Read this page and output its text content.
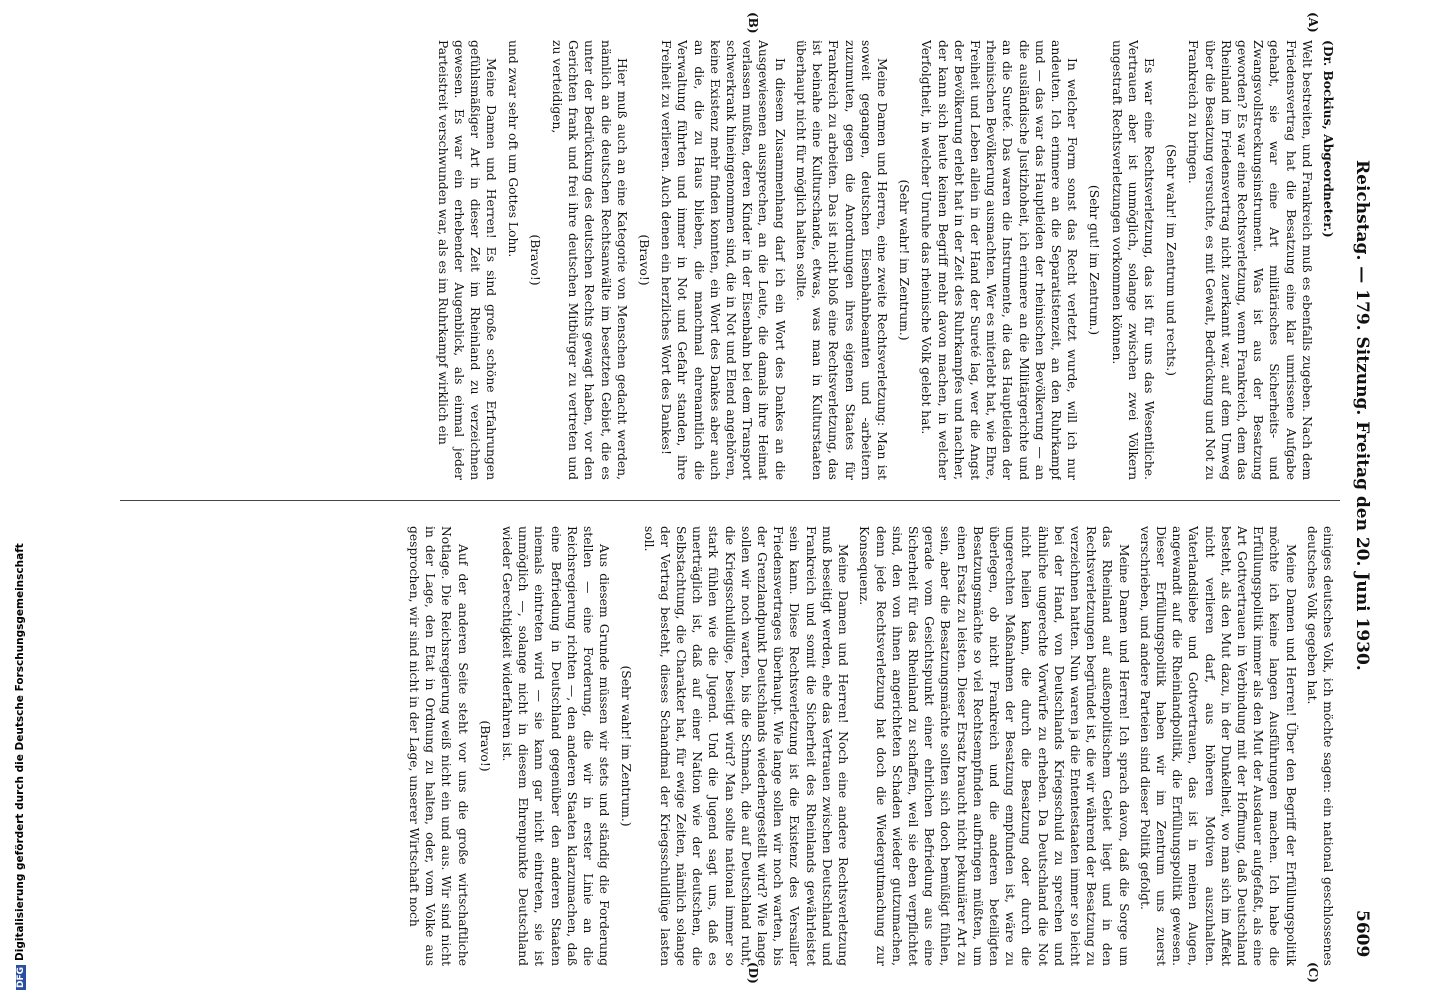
Reichstag. — 179. Sitzung. Freitag den 20. Juni 1930.
5609
(A)
(B)
(C)
(D)

(Dr. Bockius, Abgeordneter.)

Welt bestreiten, und Frankreich muß es ebenfalls zugeben. Nach dem Friedensvertrag hat die Besatzung eine klar umrissene Aufgabe gehabt, sie war eine Art militärisches Sicherheits- und Zwangsvollstreckungsinstrument. Was ist aus der Besatzung geworden? Es war eine Rechtsverletzung, wenn Frankreich, dem das Rheinland im Friedensvertrag nicht zuerkannt war, auf dem Umweg über die Besatzung versuchte, es mit Gewalt, Bedrückung und Not zu Frankreich zu bringen.

(Sehr wahr! im Zentrum und rechts.)

Es war eine Rechtsverletzung, das ist für uns das Wesentliche. Vertrauen aber ist unmöglich, solange zwischen zwei Völkern ungestraft Rechtsverletzungen vorkommen können.

(Sehr gut! im Zentrum.)

In welcher Form sonst das Recht verletzt wurde, will ich nur andeuten. Ich erinnere an die Separatistenzeit, an den Ruhrkampf und — das war das Hauptleiden der rheinischen Bevölkerung — an die ausländische Justizhoheit, ich erinnere an die Militärgerichte und an die Sureté. Das waren die Instrumente, die das Hauptleiden der rheinischen Bevölkerung ausmachten. Wer es miterlebt hat, wie Ehre, Freiheit und Leben allein in der Hand der Sureté lag, wer die Angst der Bevölkerung erlebt hat in der Zeit des Ruhrkampfes und nachher, der kann sich heute keinen Begriff mehr davon machen, in welcher Verfolgtheit, in welcher Unruhe das rheinische Volk gelebt hat.

(Sehr wahr! im Zentrum.)

Meine Damen und Herren, eine zweite Rechtsverletzung: Man ist soweit gegangen, deutschen Eisenbahnbeamten und -arbeitern zuzumuten, gegen die Anordnungen ihres eigenen Staates für Frankreich zu arbeiten. Das ist nicht bloß eine Rechtsverletzung, das ist beinahe eine Kulturschande, etwas, was man in Kulturstaaten überhaupt nicht für möglich halten sollte.

In diesem Zusammenhang darf ich ein Wort des Dankes an die Ausgewiesenen aussprechen, an die Leute, die damals ihre Heimat verlassen mußten, deren Kinder in der Eisenbahn bei dem Transport schwerkrank hineingenommen sind, die in Not und Elend angehören, keine Existenz mehr finden konnten, ein Wort des Dankes aber auch an die, die zu Haus blieben, die manchmal ehrenamtlich die Verwaltung führten und immer in Not und Gefahr standen, ihre Freiheit zu verlieren. Auch denen ein herzliches Wort des Dankes!

(Bravo!)

Hier muß auch an eine Kategorie von Menschen gedacht werden, nämlich an die deutschen Rechtsanwälte im besetzten Gebiet, die es unter der Bedrückung des deutschen Rechts gewagt haben, vor den Gerichten frank und frei ihre deutschen Mitbürger zu vertreten und zu verteidigen,

(Bravo!)

und zwar sehr oft um Gottes Lohn.

Meine Damen und Herren! Es sind große schöne Erfahrungen gefühlsmäßiger Art in dieser Zeit im Rheinland zu verzeichnen gewesen. Es war ein erhebender Augenblick, als einmal jeder Parteistreit verschwunden war, als es im Ruhrkampf wirklich ein

einiges deutsches Volk, ich möchte sagen: ein national geschlossenes deutsches Volk gegeben hat.

Meine Damen und Herren! Über den Begriff der Erfüllungspolitik möchte ich keine langen Ausführungen machen. Ich habe die Erfüllungspolitik immer als den Mut der Ausdauer aufgefaßt, als eine Art Gottvertrauen in Verbindung mit der Hoffnung, daß Deutschland besteht, als den Mut dazu, in der Dunkelheit, wo man sich im Affekt nicht verlieren darf, aus höheren Motiven auszuhalten. Vaterlandsliebe und Gottvertrauen, das ist in meinen Augen, angewandt auf die Rheinlandpolitik, die Erfüllungspolitik gewesen. Dieser Erfüllungspolitik haben wir im Zentrum uns zuerst verschrieben, und andere Parteien sind dieser Politik gefolgt.

Meine Damen und Herren! Ich sprach davon, daß die Sorge um das Rheinland auf außenpolitischem Gebiet liegt und in den Rechtsverletzungen begründet ist, die wir während der Besatzung zu verzeichnen hatten. Nun waren ja die Ententestaaten immer so leicht bei der Hand, von Deutschlands Kriegsschuld zu sprechen und ähnliche ungerechte Vorwürfe zu erheben. Da Deutschland die Not nicht heilen kann, die durch die Besatzung oder durch die ungerechten Maßnahmen der Besatzung empfunden ist, wäre zu überlegen, ob nicht Frankreich und die anderen beteiligten Besatzungsmächte so viel Rechtsempfinden aufbringen müßten, um einen Ersatz zu leisten. Dieser Ersatz braucht nicht pekuniärer Art zu sein, aber die Besatzungsmächte sollten sich doch bemüßigt fühlen, gerade vom Gesichtspunkt einer ehrlichen Befriedung aus eine Sicherheit für das Rheinland zu schaffen, weil sie eben verpflichtet sind, den von ihnen angerichteten Schaden wieder gutzumachen, denn jede Rechtsverletzung hat doch die Wiedergutmachung zur Konsequenz.

Meine Damen und Herren! Noch eine andere Rechtsverletzung muß beseitigt werden, ehe das Vertrauen zwischen Deutschland und Frankreich und somit die Sicherheit des Rheinlands gewährleistet sein kann. Diese Rechtsverletzung ist die Existenz des Versailler Friedensvertrages überhaupt. Wie lange sollen wir noch warten, bis der Grenzlandpunkt Deutschlands wiederhergestellt wird? Wie lange sollen wir noch warten, bis die Schmach, die auf Deutschland ruht, die Kriegsschuldlüge, beseitigt wird? Man sollte national immer so stark fühlen wie die Jugend. Und die Jugend sagt uns, daß es unerträglich ist, daß auf einer Nation wie der deutschen, die Selbstachtung, die Charakter hat, für ewige Zeiten, nämlich solange der Vertrag besteht, dieses Schandmal der Kriegsschuldlüge lasten soll.

(Sehr wahr! im Zentrum.)

Aus diesem Grunde müssen wir stets und ständig die Forderung stellen — eine Forderung, die wir in erster Linie an die Reichsregierung richten —, den anderen Staaten klarzumachen, daß eine Befriedung in Deutschland gegenüber den anderen Staaten niemals eintreten wird — sie kann gar nicht eintreten, sie ist unmöglich —, solange nicht in diesem Ehrenpunkte Deutschland wieder Gerechtigkeit widerfahren ist.

(Bravo!)

Auf der anderen Seite steht vor uns die große wirtschaftliche Notlage. Die Reichsregierung weiß nicht ein und aus. Wir sind nicht in der Lage, den Etat in Ordnung zu halten, oder, vom Volke aus gesprochen, wir sind nicht in der Lage, unserer Wirtschaft noch

DFGDigitalisierung gefördert durch die Deutsche Forschungsgemeinschaft
